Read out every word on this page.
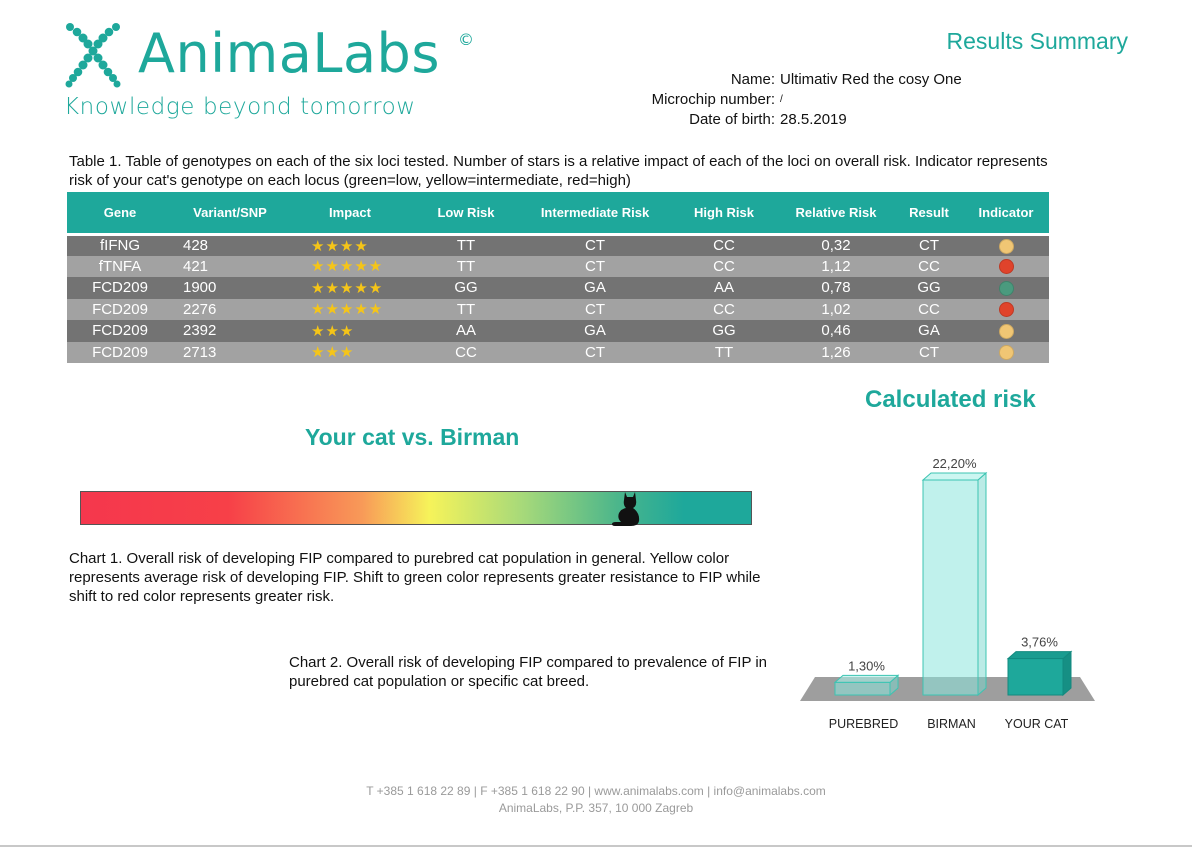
AnimaLabs ©
Knowledge beyond tomorrow
Results Summary
Name: Ultimativ Red the cosy One
Microchip number: /
Date of birth: 28.5.2019
Table 1. Table of genotypes on each of the six loci tested. Number of stars is a relative impact of each of the loci on overall risk. Indicator represents risk of your cat's genotype on each locus (green=low, yellow=intermediate, red=high)
Gene	Variant/SNP	Impact	Low Risk	Intermediate Risk	High Risk	Relative Risk	Result	Indicator
fIFNG	428	★★★★	TT	CT	CC	0,32	CT	
fTNFA	421	★★★★★	TT	CT	CC	1,12	CC	
FCD209	1900	★★★★★	GG	GA	AA	0,78	GG	
FCD209	2276	★★★★★	TT	CT	CC	1,02	CC	
FCD209	2392	★★★	AA	GA	GG	0,46	GA	
FCD209	2713	★★★	CC	CT	TT	1,26	CT	
Your cat vs. Birman
Chart 1. Overall risk of developing FIP compared to purebred cat population in general. Yellow color represents average risk of developing FIP. Shift to green color represents greater resistance to FIP while shift to red color represents greater risk.
Chart 2. Overall risk of developing FIP compared to prevalence of FIP in purebred cat population or specific cat breed.
Calculated risk
1,30%
PUREBRED
22,20%
BIRMAN
3,76%
YOUR CAT
T +385 1 618 22 89 | F +385 1 618 22 90 | www.animalabs.com | info@animalabs.com
AnimaLabs, P.P. 357, 10 000 Zagreb
